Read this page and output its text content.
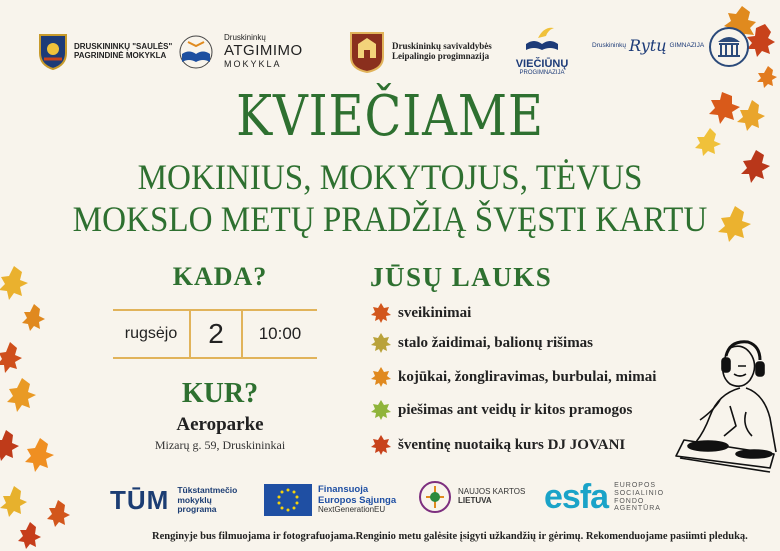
DRUSKININKŲ "SAULĖS"
PAGRINDINĖ MOKYKLA
Druskininkų
ATGIMIMO
MOKYKLA
Druskininkų savivaldybės
Leipalingio progimnazija
VIEČIŪNŲ
PROGIMNAZIJA
Druskininkų Rytų GIMNAZIJA
KVIEČIAME
MOKINIUS, MOKYTOJUS, TĖVUS
MOKSLO METŲ PRADŽIĄ ŠVĘSTI KARTU
KADA?
rugsėjo	2	10:00
KUR?
Aeroparke
Mizarų g. 59, Druskininkai
JŪSŲ LAUKS
sveikinimai
stalo žaidimai, balionų rišimas
kojūkai, žongliravimas, burbulai, mimai
piešimas ant veidų ir kitos pramogos
šventinę nuotaiką kurs DJ JOVANI
TŪM Tūkstantmečio
mokyklų
programa
Finansuoja
Europos Sąjunga
NextGenerationEU
NAUJOS KARTOS
LIETUVA	esfa EUROPOS
SOCIALINIO
FONDO
AGENTŪRA
Renginyje bus filmuojama ir fotografuojama.Renginio metu galėsite įsigyti užkandžių ir gėrimų. Rekomenduojame pasiimti pleduką.
